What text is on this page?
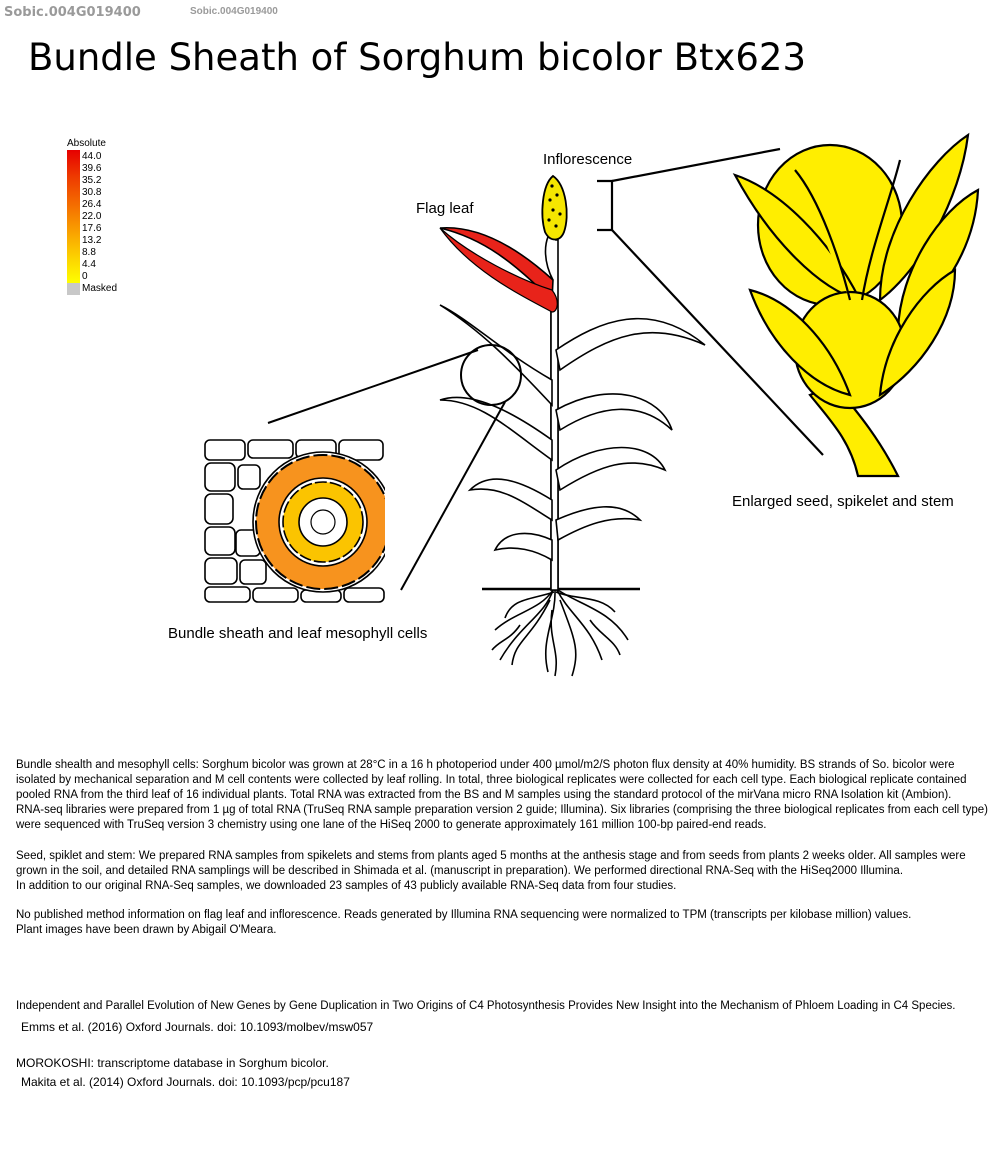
Sobic.004G019400	Sobic.004G019400
Bundle Sheath of Sorghum bicolor Btx623
Absolute
44.0
39.6
35.2
30.8
26.4
22.0
17.6
13.2
8.8
4.4
0
Masked
Inflorescence
Flag leaf
Enlarged seed, spikelet and stem
Bundle sheath and leaf mesophyll cells
Bundle shealth and mesophyll cells: Sorghum bicolor was grown at 28°C in a 16 h photoperiod under 400 µmol/m2/S photon flux density at 40% humidity. BS strands of So. bicolor were
isolated by mechanical separation and M cell contents were collected by leaf rolling. In total, three biological replicates were collected for each cell type. Each biological replicate contained
pooled RNA from the third leaf of 16 individual plants. Total RNA was extracted from the BS and M samples using the standard protocol of the mirVana micro RNA Isolation kit (Ambion).
RNA-seq libraries were prepared from 1 µg of total RNA (TruSeq RNA sample preparation version 2 guide; Illumina). Six libraries (comprising the three biological replicates from each cell type)
were sequenced with TruSeq version 3 chemistry using one lane of the HiSeq 2000 to generate approximately 161 million 100-bp paired-end reads.
Seed, spiklet and stem: We prepared RNA samples from spikelets and stems from plants aged 5 months at the anthesis stage and from seeds from plants 2 weeks older. All samples were
grown in the soil, and detailed RNA samplings will be described in Shimada et al. (manuscript in preparation). We performed directional RNA-Seq with the HiSeq2000 Illumina.
In addition to our original RNA-Seq samples, we downloaded 23 samples of 43 publicly available RNA-Seq data from four studies.
No published method information on flag leaf and inflorescence. Reads generated by Illumina RNA sequencing were normalized to TPM (transcripts per kilobase million) values.
Plant images have been drawn by Abigail O'Meara.
Independent and Parallel Evolution of New Genes by Gene Duplication in Two Origins of C4 Photosynthesis Provides New Insight into the Mechanism of Phloem Loading in C4 Species.
Emms et al. (2016) Oxford Journals. doi: 10.1093/molbev/msw057
MOROKOSHI: transcriptome database in Sorghum bicolor.
Makita et al. (2014) Oxford Journals. doi: 10.1093/pcp/pcu187
